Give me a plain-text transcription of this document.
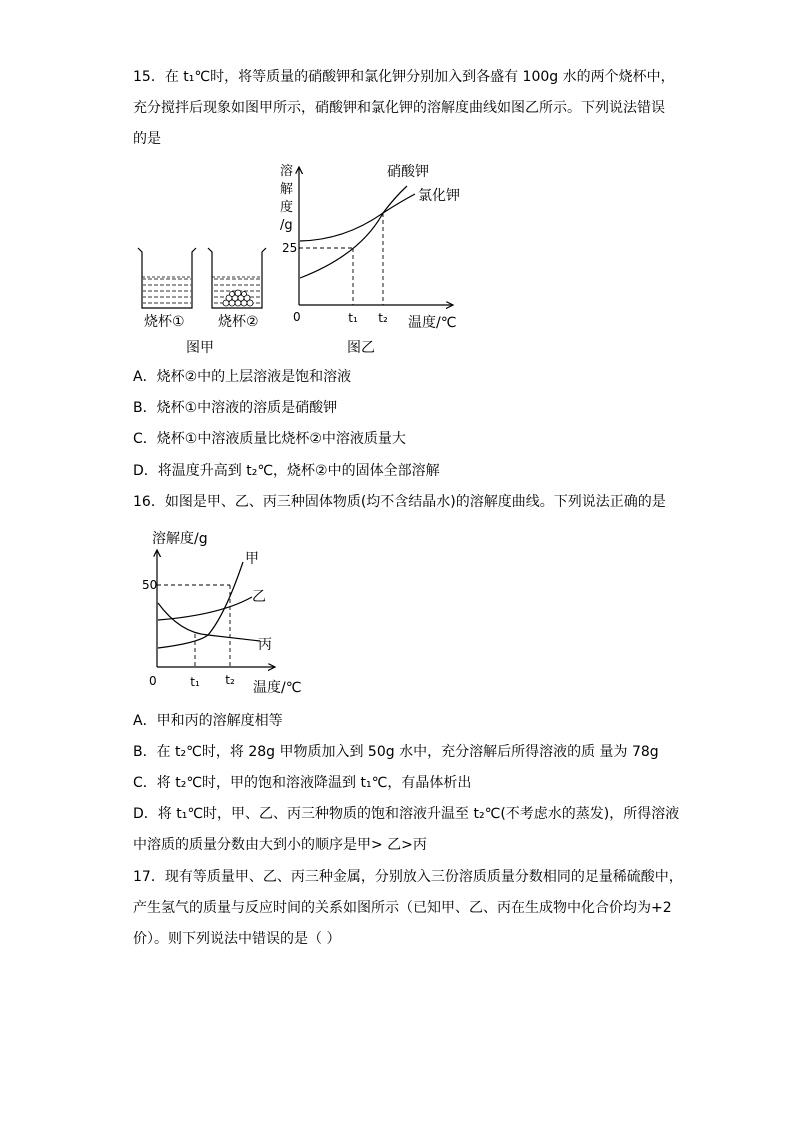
15．在 t₁℃时，将等质量的硝酸钾和氯化钾分别加入到各盛有 100g 水的两个烧杯中，
充分搅拌后现象如图甲所示，硝酸钾和氯化钾的溶解度曲线如图乙所示。下列说法错误
的是
烧杯① 烧杯②
图甲
溶
解
度
/g
25
0	t₁ t₂ 温度/℃
硝酸钾
氯化钾
图乙
A．烧杯②中的上层溶液是饱和溶液
B．烧杯①中溶液的溶质是硝酸钾
C．烧杯①中溶液质量比烧杯②中溶液质量大
D．将温度升高到 t₂℃，烧杯②中的固体全部溶解
16．如图是甲、乙、丙三种固体物质(均不含结晶水)的溶解度曲线。下列说法正确的是
溶解度/g
50
0	t₁ t₂ 温度/℃
甲
乙
丙
A．甲和丙的溶解度相等
B．在 t₂℃时，将 28g 甲物质加入到 50g 水中，充分溶解后所得溶液的质 量为 78g
C．将 t₂℃时，甲的饱和溶液降温到 t₁℃，有晶体析出
D．将 t₁℃时，甲、乙、丙三种物质的饱和溶液升温至 t₂℃(不考虑水的蒸发)，所得溶液
中溶质的质量分数由大到小的顺序是甲> 乙>丙
17．现有等质量甲、乙、丙三种金属，分别放入三份溶质质量分数相同的足量稀硫酸中，
产生氢气的质量与反应时间的关系如图所示（已知甲、乙、丙在生成物中化合价均为+2
价）。则下列说法中错误的是（ ）
